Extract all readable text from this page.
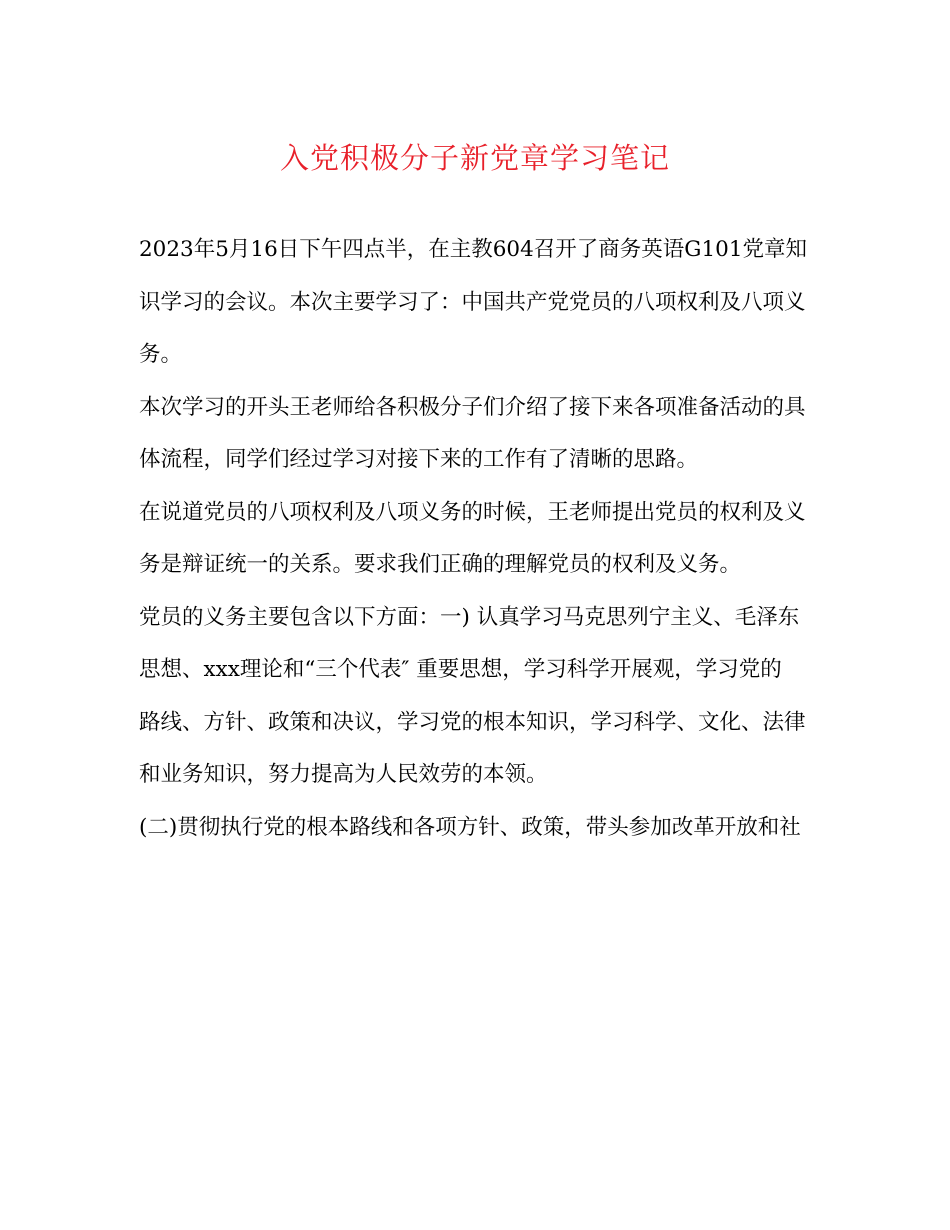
入党积极分子新党章学习笔记
2023年5月16日下午四点半，在主教604召开了商务英语G101党章知
识学习的会议。本次主要学习了：中国共产党党员的八项权利及八项义
务。
本次学习的开头王老师给各积极分子们介绍了接下来各项准备活动的具
体流程，同学们经过学习对接下来的工作有了清晰的思路。
在说道党员的八项权利及八项义务的时候，王老师提出党员的权利及义
务是辩证统一的关系。要求我们正确的理解党员的权利及义务。
党员的义务主要包含以下方面：一) 认真学习马克思列宁主义、毛泽东
思想、xxx理论和“三个代表″ 重要思想，学习科学开展观，学习党的
路线、方针、政策和决议，学习党的根本知识，学习科学、文化、法律
和业务知识，努力提高为人民效劳的本领。
(二)贯彻执行党的根本路线和各项方针、政策，带头参加改革开放和社
